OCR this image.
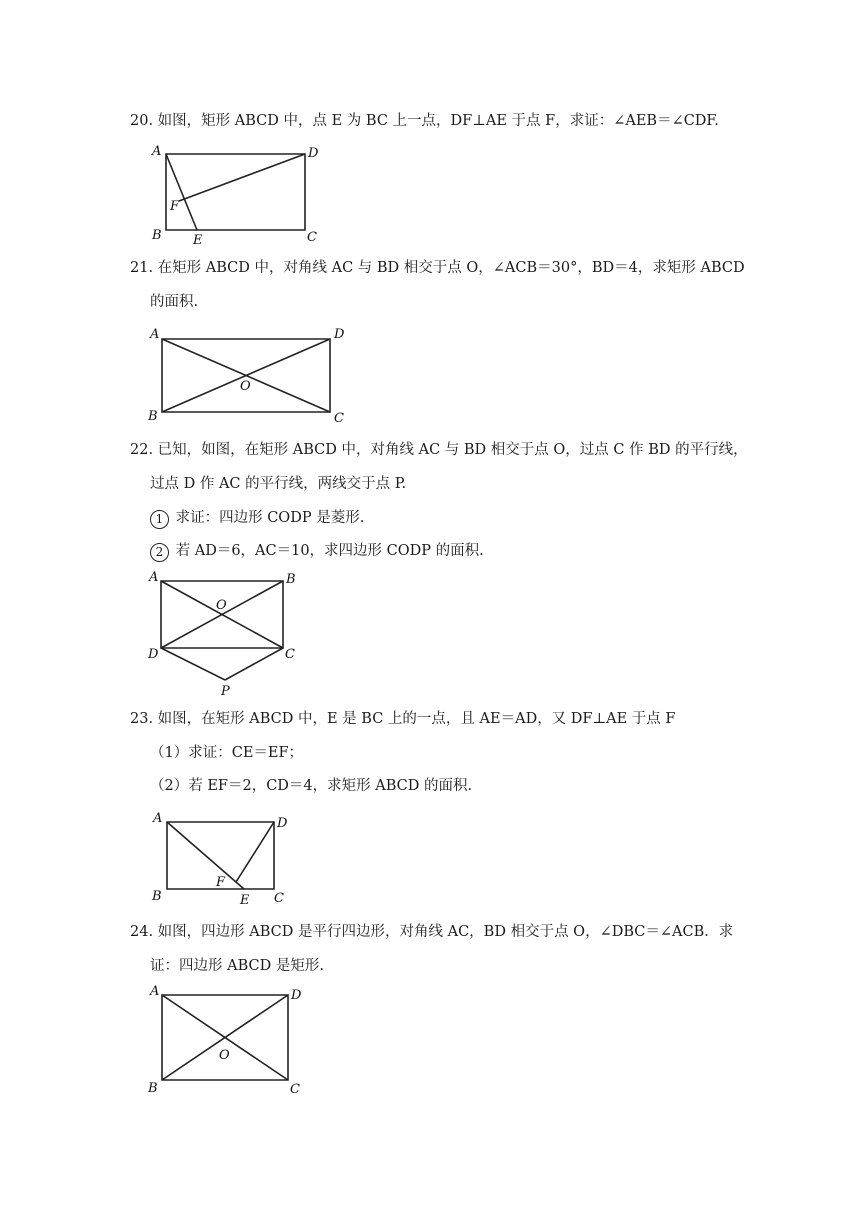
20. 如图，矩形 ABCD 中，点 E 为 BC 上一点，DF⊥AE 于点 F，求证：∠AEB＝∠CDF.
A	D
F
B E	C
21. 在矩形 ABCD 中，对角线 AC 与 BD 相交于点 O，∠ACB＝30°，BD＝4，求矩形 ABCD
的面积.
A	D
O
B	C
22. 已知，如图，在矩形 ABCD 中，对角线 AC 与 BD 相交于点 O，过点 C 作 BD 的平行线，
过点 D 作 AC 的平行线，两线交于点 P.
1 求证：四边形 CODP 是菱形.
2 若 AD＝6，AC＝10，求四边形 CODP 的面积.
A	B
O
D	C
P
23. 如图，在矩形 ABCD 中，E 是 BC 上的一点，且 AE＝AD，又 DF⊥AE 于点 F
（1）求证：CE＝EF；
（2）若 EF＝2，CD＝4，求矩形 ABCD 的面积.
A	D
B
F
E C
24. 如图，四边形 ABCD 是平行四边形，对角线 AC，BD 相交于点 O，∠DBC＝∠ACB．求
证：四边形 ABCD 是矩形.
A	D
O
B	C
